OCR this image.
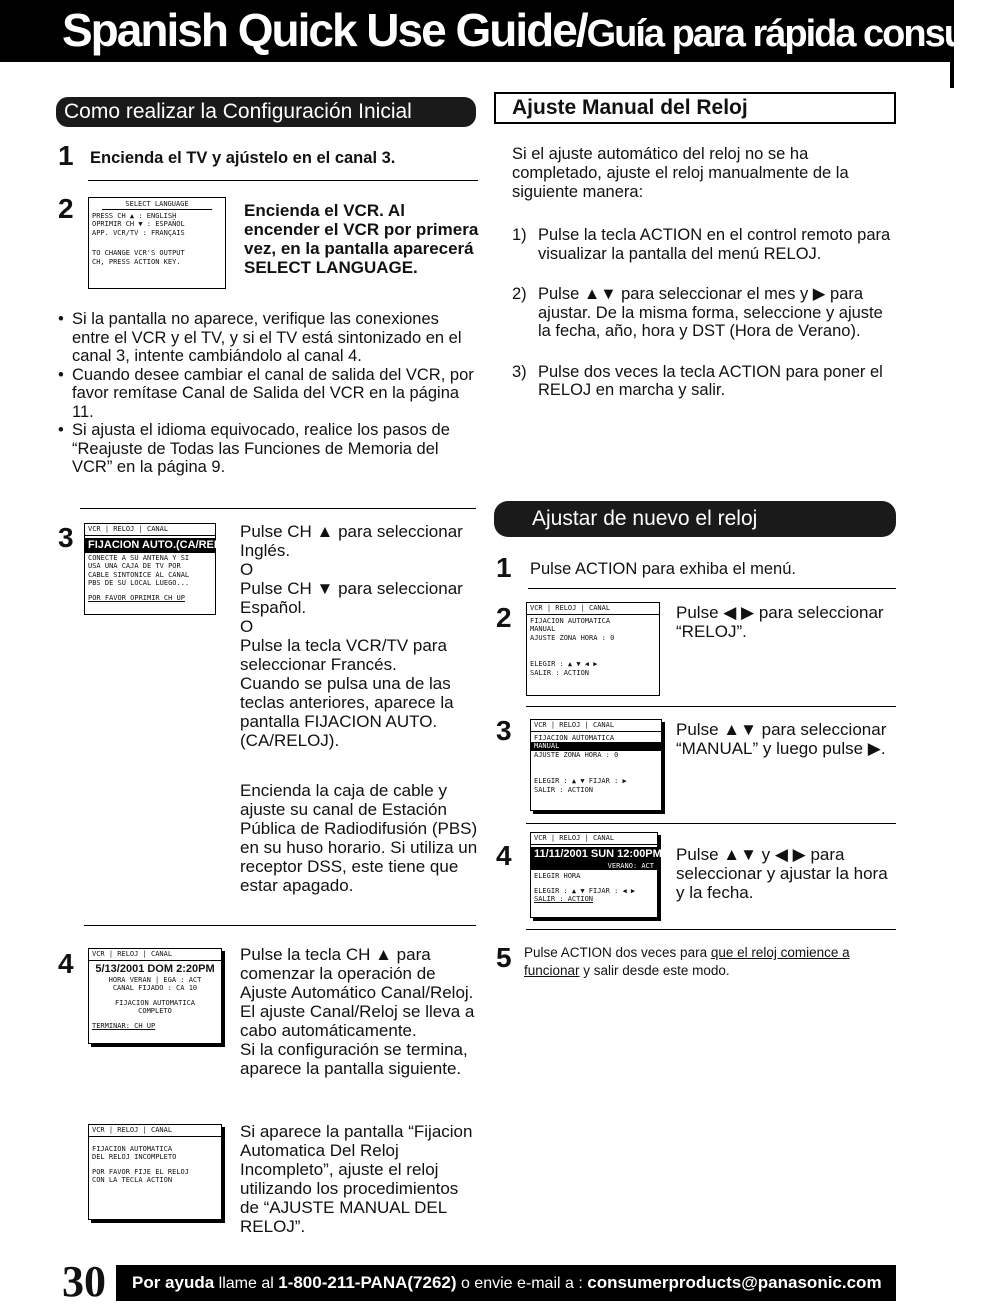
Spanish Quick Use Guide/Guía para rápida consulta
Como realizar la Configuración Inicial
1 Encienda el TV y ajústelo en el canal 3.
2	SELECT LANGUAGE
PRESS CH ▲ : ENGLISH
OPRIMIR CH ▼ : ESPAÑOL
APP. VCR/TV : FRANÇAIS
TO CHANGE VCR'S OUTPUT
CH, PRESS ACTION KEY.
Encienda el VCR. Al encender el VCR por primera vez, en la pantalla aparecerá SELECT LANGUAGE.
• Si la pantalla no aparece, verifique las conexiones entre el VCR y el TV, y si el TV está sintonizado en el canal 3, intente cambiándolo al canal 4.
• Cuando desee cambiar el canal de salida del VCR, por favor remítase Canal de Salida del VCR en la página 11.
• Si ajusta el idioma equivocado, realice los pasos de “Reajuste de Todas las Funciones de Memoria del VCR” en la página 9.
3	VCR | RELOJ | CANAL
FIJACION AUTO.(CA/RELOJ)
CONECTE A SU ANTENA Y SI
USA UNA CAJA DE TV POR
CABLE SINTONICE AL CANAL
PBS DE SU LOCAL LUEGO...
POR FAVOR OPRIMIR CH UP
Pulse CH ▲ para seleccionar Inglés.
O
Pulse CH ▼ para seleccionar Español.
O
Pulse la tecla VCR/TV para seleccionar Francés.
Cuando se pulsa una de las teclas anteriores, aparece la pantalla FIJACION AUTO. (CA/RELOJ).
Encienda la caja de cable y ajuste su canal de Estación Pública de Radiodifusión (PBS) en su huso horario. Si utiliza un receptor DSS, este tiene que estar apagado.
4	VCR | RELOJ | CANAL
5/13/2001 DOM 2:20PM
HORA VERAN | EGA : ACT
CANAL FIJADO : CA 10
FIJACION AUTOMATICA
COMPLETO
TERMINAR: CH UP
Pulse la tecla CH ▲ para comenzar la operación de Ajuste Automático Canal/Reloj. El ajuste Canal/Reloj se lleva a cabo automáticamente.
Si la configuración se termina, aparece la pantalla siguiente.
VCR | RELOJ | CANAL
FIJACION AUTOMATICA
DEL RELOJ INCOMPLETO
POR FAVOR FIJE EL RELOJ
CON LA TECLA ACTION
Si aparece la pantalla “Fijacion Automatica Del Reloj Incompleto”, ajuste el reloj utilizando los procedimientos de “AJUSTE MANUAL DEL RELOJ”.
Ajuste Manual del Reloj
Si el ajuste automático del reloj no se ha completado, ajuste el reloj manualmente de la siguiente manera:
1) Pulse la tecla ACTION en el control remoto para visualizar la pantalla del menú RELOJ.
2) Pulse ▲▼ para seleccionar el mes y ▶ para ajustar. De la misma forma, seleccione y ajuste la fecha, año, hora y DST (Hora de Verano).
3) Pulse dos veces la tecla ACTION para poner el RELOJ en marcha y salir.
Ajustar de nuevo el reloj
1 Pulse ACTION para exhiba el menú.
2	VCR | RELOJ | CANAL
FIJACION AUTOMATICA
MANUAL
AJUSTE ZONA HORA : 0
ELEGIR : ▲ ▼ ◀ ▶
SALIR : ACTION
Pulse ◀ ▶ para seleccionar “RELOJ”.
3	VCR | RELOJ | CANAL
FIJACION AUTOMATICA
MANUAL
AJUSTE ZONA HORA : 0
ELEGIR : ▲ ▼ FIJAR : ▶
SALIR : ACTION
Pulse ▲▼ para seleccionar “MANUAL” y luego pulse ▶.
4
VCR | RELOJ | CANAL
11/11/2001 SUN 12:00PM
VERANO: ACT
ELEGIR HORA
ELEGIR : ▲ ▼ FIJAR : ◀ ▶
SALIR : ACTION
Pulse ▲▼ y ◀ ▶ para seleccionar y ajustar la hora y la fecha.
5 Pulse ACTION dos veces para que el reloj comience a funcionar y salir desde este modo.
30	Por ayuda llame al 1-800-211-PANA(7262) o envie e-mail a : consumerproducts@panasonic.com
